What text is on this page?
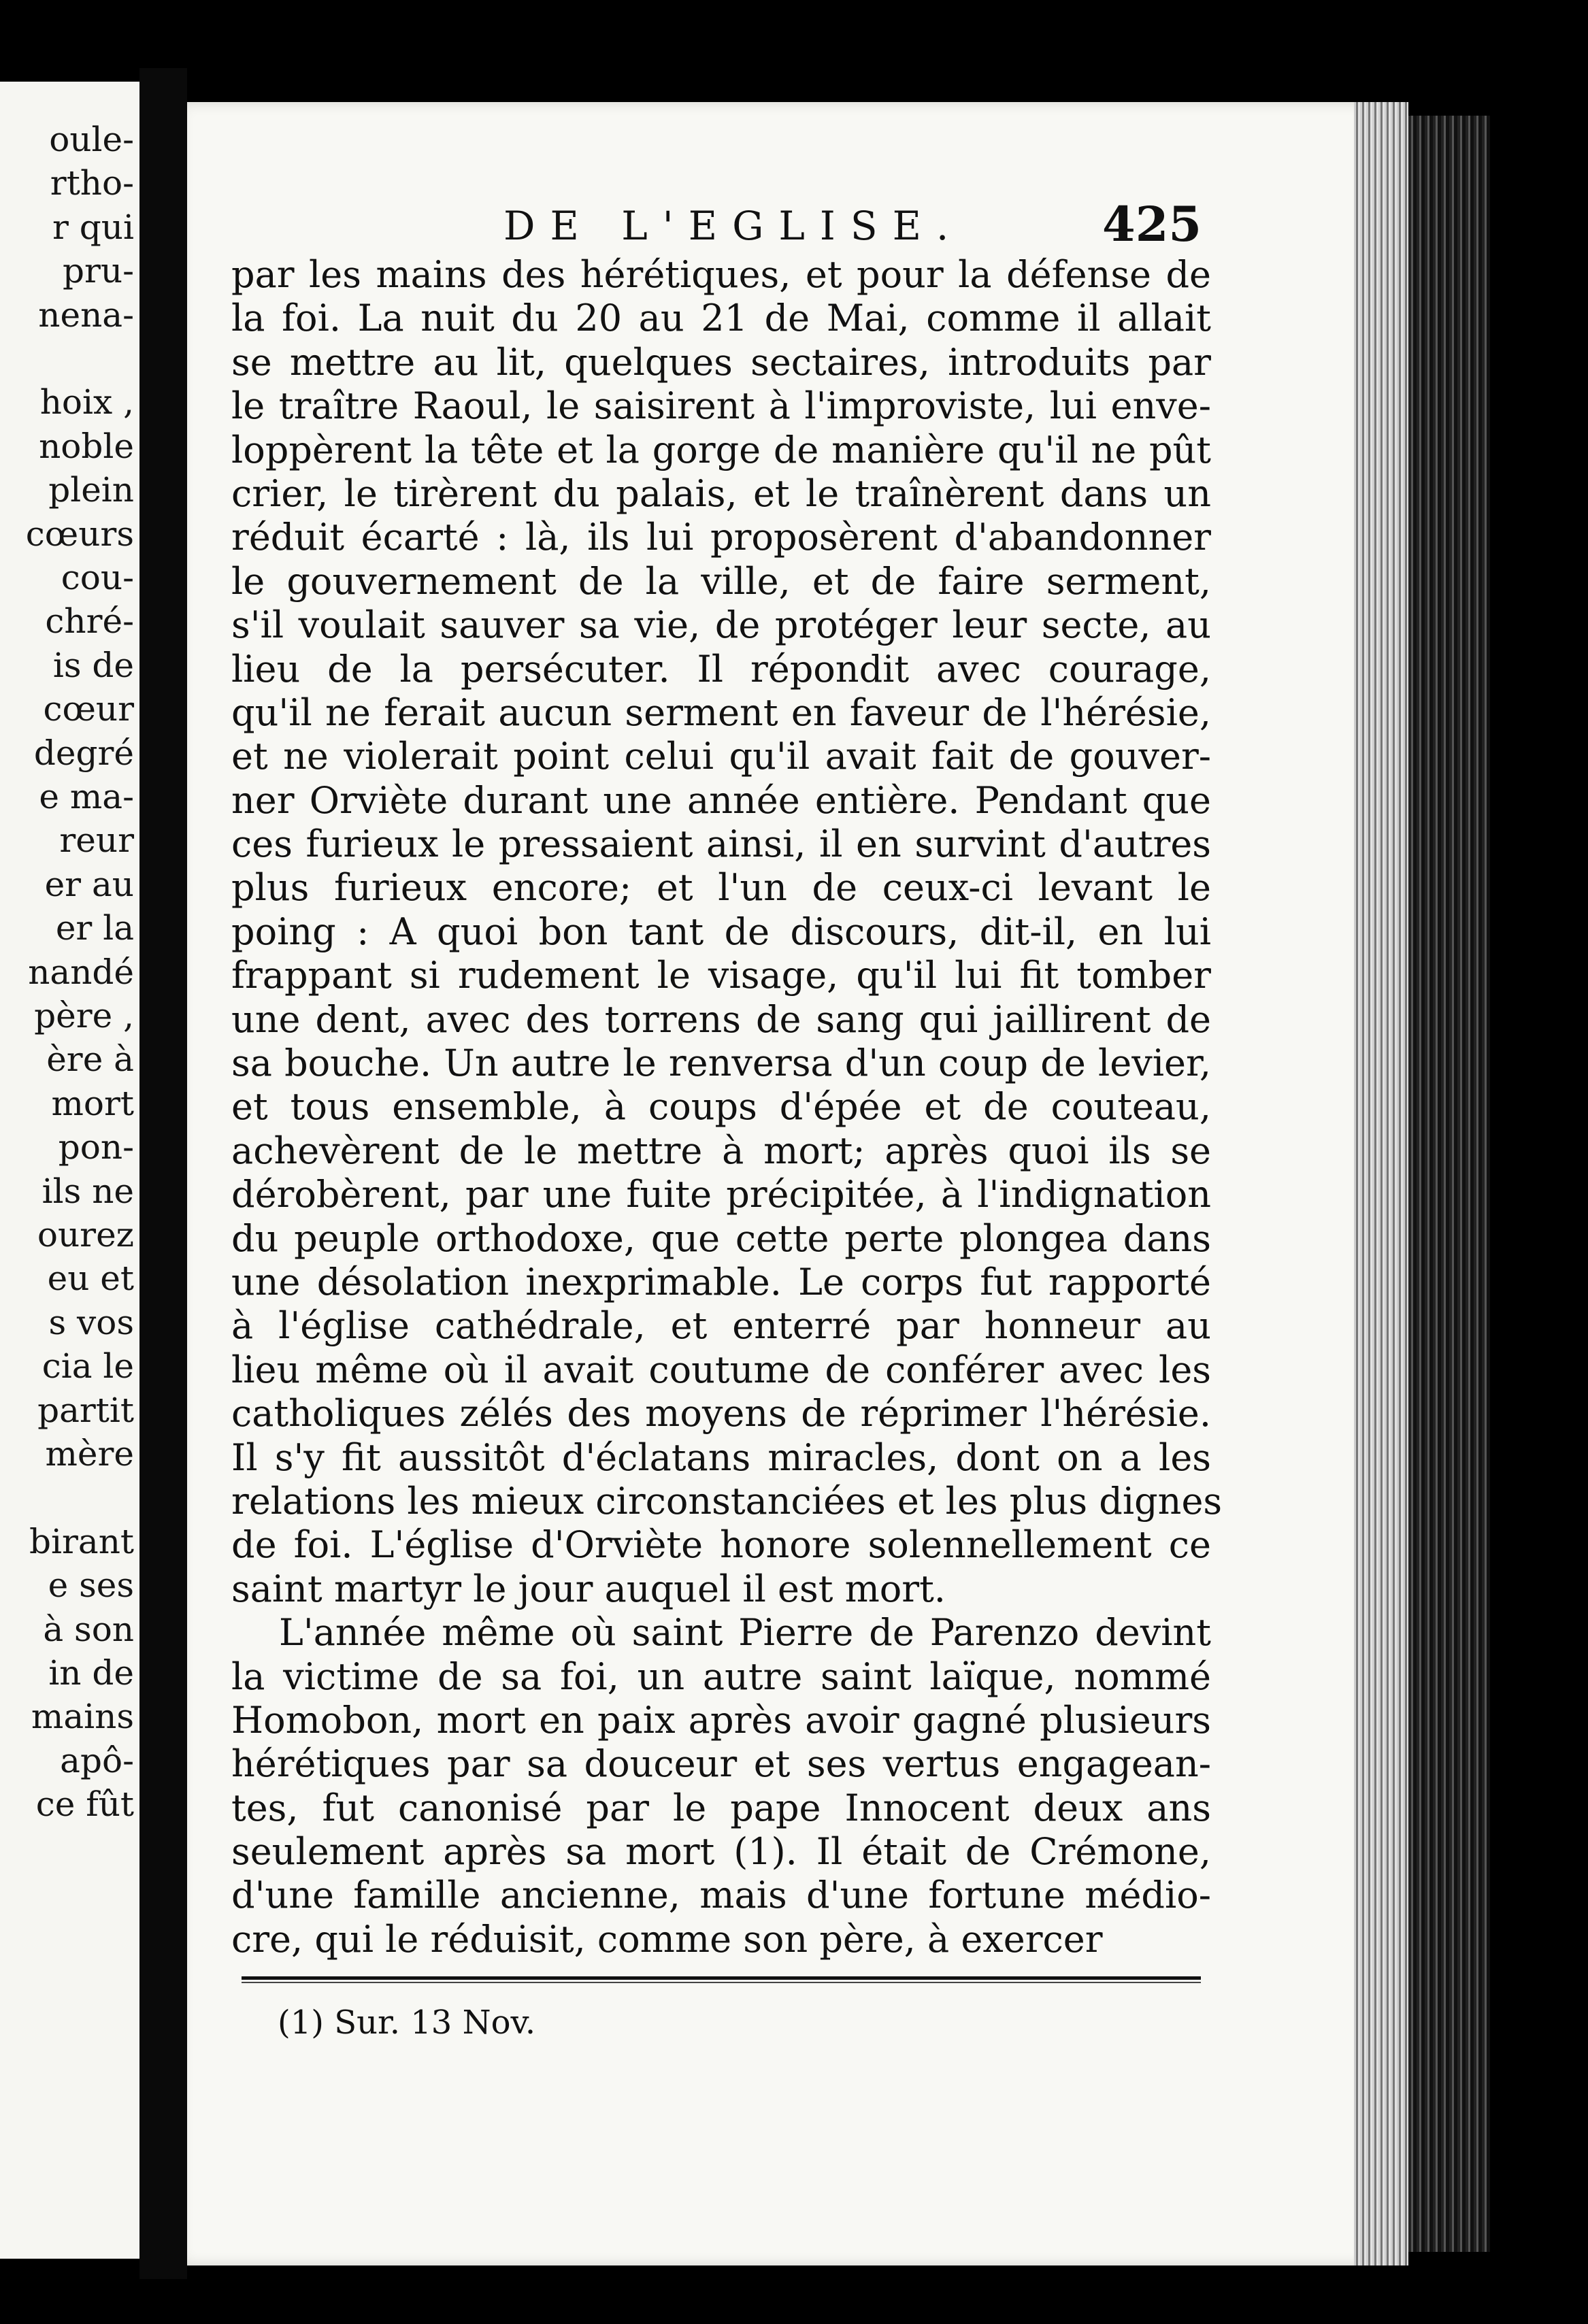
oule-
rtho-
r qui
pru-
nena-
hoix ,
noble
plein
cœurs
cou-
chré-
is de
cœur
degré
e ma-
reur
er au
er la
nandé
père ,
ère à
mort
pon-
ils ne
ourez
eu et
s vos
cia le
partit
mère
birant
e ses
à son
in de
mains
apô-
ce fût
DE L'EGLISE.	425
par les mains des hérétiques, et pour la défense de
la foi. La nuit du 20 au 21 de Mai, comme il allait
se mettre au lit, quelques sectaires, introduits par
le traître Raoul, le saisirent à l'improviste, lui enve-
loppèrent la tête et la gorge de manière qu'il ne pût
crier, le tirèrent du palais, et le traînèrent dans un
réduit écarté : là, ils lui proposèrent d'abandonner
le gouvernement de la ville, et de faire serment,
s'il voulait sauver sa vie, de protéger leur secte, au
lieu de la persécuter. Il répondit avec courage,
qu'il ne ferait aucun serment en faveur de l'hérésie,
et ne violerait point celui qu'il avait fait de gouver-
ner Orviète durant une année entière. Pendant que
ces furieux le pressaient ainsi, il en survint d'autres
plus furieux encore; et l'un de ceux-ci levant le
poing : A quoi bon tant de discours, dit-il, en lui
frappant si rudement le visage, qu'il lui fit tomber
une dent, avec des torrens de sang qui jaillirent de
sa bouche. Un autre le renversa d'un coup de levier,
et tous ensemble, à coups d'épée et de couteau,
achevèrent de le mettre à mort; après quoi ils se
dérobèrent, par une fuite précipitée, à l'indignation
du peuple orthodoxe, que cette perte plongea dans
une désolation inexprimable. Le corps fut rapporté
à l'église cathédrale, et enterré par honneur au
lieu même où il avait coutume de conférer avec les
catholiques zélés des moyens de réprimer l'hérésie.
Il s'y fit aussitôt d'éclatans miracles, dont on a les
relations les mieux circonstanciées et les plus dignes
de foi. L'église d'Orviète honore solennellement ce
saint martyr le jour auquel il est mort.
L'année même où saint Pierre de Parenzo devint
la victime de sa foi, un autre saint laïque, nommé
Homobon, mort en paix après avoir gagné plusieurs
hérétiques par sa douceur et ses vertus engagean-
tes, fut canonisé par le pape Innocent deux ans
seulement après sa mort (1). Il était de Crémone,
d'une famille ancienne, mais d'une fortune médio-
cre, qui le réduisit, comme son père, à exercer
(1) Sur. 13 Nov.
